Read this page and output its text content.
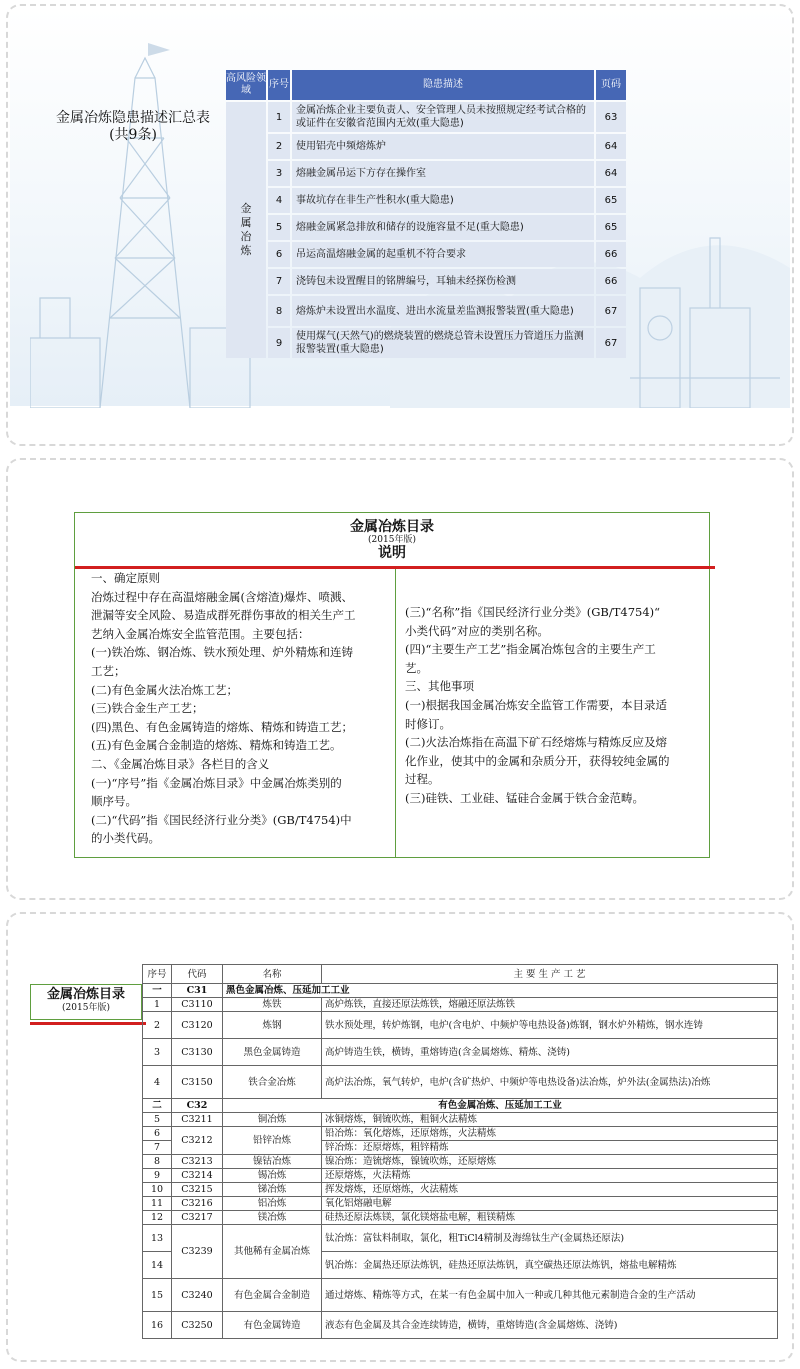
金属冶炼隐患描述汇总表
(共9条)
高风险领域	序号	隐患描述	页码
金属冶炼	1	金属冶炼企业主要负责人、安全管理人员未按照规定经考试合格的或证件在安徽省范围内无效(重大隐患)	63
	2	使用铝壳中频熔炼炉	64
	3	熔融金属吊运下方存在操作室	64
	4	事故坑存在非生产性积水(重大隐患)	65
	5	熔融金属紧急排放和储存的设施容量不足(重大隐患)	65
	6	吊运高温熔融金属的起重机不符合要求	66
	7	浇铸包未设置醒目的铭牌编号，耳轴未经探伤检测	66
	8	熔炼炉未设置出水温度、进出水流量差监测报警装置(重大隐患)	67
	9	使用煤气(天然气)的燃烧装置的燃烧总管未设置压力管道压力监测报警装置(重大隐患)	67
金属冶炼目录
(2015年版)
说明

一、确定原则

冶炼过程中存在高温熔融金属(含熔渣)爆炸、喷溅、

泄漏等安全风险、易造成群死群伤事故的相关生产工

艺纳入金属冶炼安全监管范围。主要包括：

(一)铁冶炼、钢冶炼、铁水预处理、炉外精炼和连铸

工艺；

(二)有色金属火法冶炼工艺；

(三)铁合金生产工艺；

(四)黑色、有色金属铸造的熔炼、精炼和铸造工艺；

(五)有色金属合金制造的熔炼、精炼和铸造工艺。

二、《金属冶炼目录》各栏目的含义

(一)“序号”指《金属冶炼目录》中金属冶炼类别的

顺序号。

(二)“代码”指《国民经济行业分类》(GB/T4754)中

的小类代码。

(三)“名称”指《国民经济行业分类》(GB/T4754)“

小类代码”对应的类别名称。

(四)“主要生产工艺”指金属冶炼包含的主要生产工

艺。

三、其他事项

(一)根据我国金属冶炼安全监管工作需要，本目录适

时修订。

(二)火法冶炼指在高温下矿石经熔炼与精炼反应及熔

化作业，使其中的金属和杂质分开，获得较纯金属的

过程。

(三)硅铁、工业硅、锰硅合金属于铁合金范畴。

金属冶炼目录
(2015年版)
序号	代码	名称	主 要 生 产 工 艺
一	C31	黑色金属冶炼、压延加工工业	
1	C3110	炼铁	高炉炼铁，直接还原法炼铁，熔融还原法炼铁
2	C3120	炼钢	铁水预处理，转炉炼钢，电炉(含电炉、中频炉等电热设备)炼钢，钢水炉外精炼，钢水连铸
3	C3130	黑色金属铸造	高炉铸造生铁，横铸，重熔铸造(含金属熔炼、精炼、浇铸)
4	C3150	铁合金冶炼	高炉法冶炼，氧气转炉，电炉(含矿热炉、中频炉等电热设备)法冶炼，炉外法(金属热法)冶炼
二	C32	有色金属冶炼、压延加工工业	
5	C3211	铜冶炼	冰铜熔炼，铜锍吹炼，粗铜火法精炼
6	C3212	铅锌冶炼	铅冶炼：氧化熔炼，还原熔炼，火法精炼
7			锌冶炼：还原熔炼，粗锌精炼
8	C3213	镍钴冶炼	镍冶炼：造锍熔炼，镍锍吹炼，还原熔炼
9	C3214	锡冶炼	还原熔炼，火法精炼
10	C3215	锑冶炼	挥发熔炼，还原熔炼，火法精炼
11	C3216	铝冶炼	氧化铝熔融电解
12	C3217	镁冶炼	硅热还原法炼镁，氯化镁熔盐电解，粗镁精炼
13	C3239	其他稀有金属冶炼	钛冶炼：富钛料制取，氯化，粗TiCl4精制及海绵钛生产(金属热还原法)
14			钒冶炼：金属热还原法炼钒，硅热还原法炼钒，真空碳热还原法炼钒，熔盐电解精炼
15	C3240	有色金属合金制造	通过熔炼、精炼等方式，在某一有色金属中加入一种或几种其他元素制造合金的生产活动
16	C3250	有色金属铸造	液态有色金属及其合金连续铸造，横铸，重熔铸造(含金属熔炼、浇铸)
